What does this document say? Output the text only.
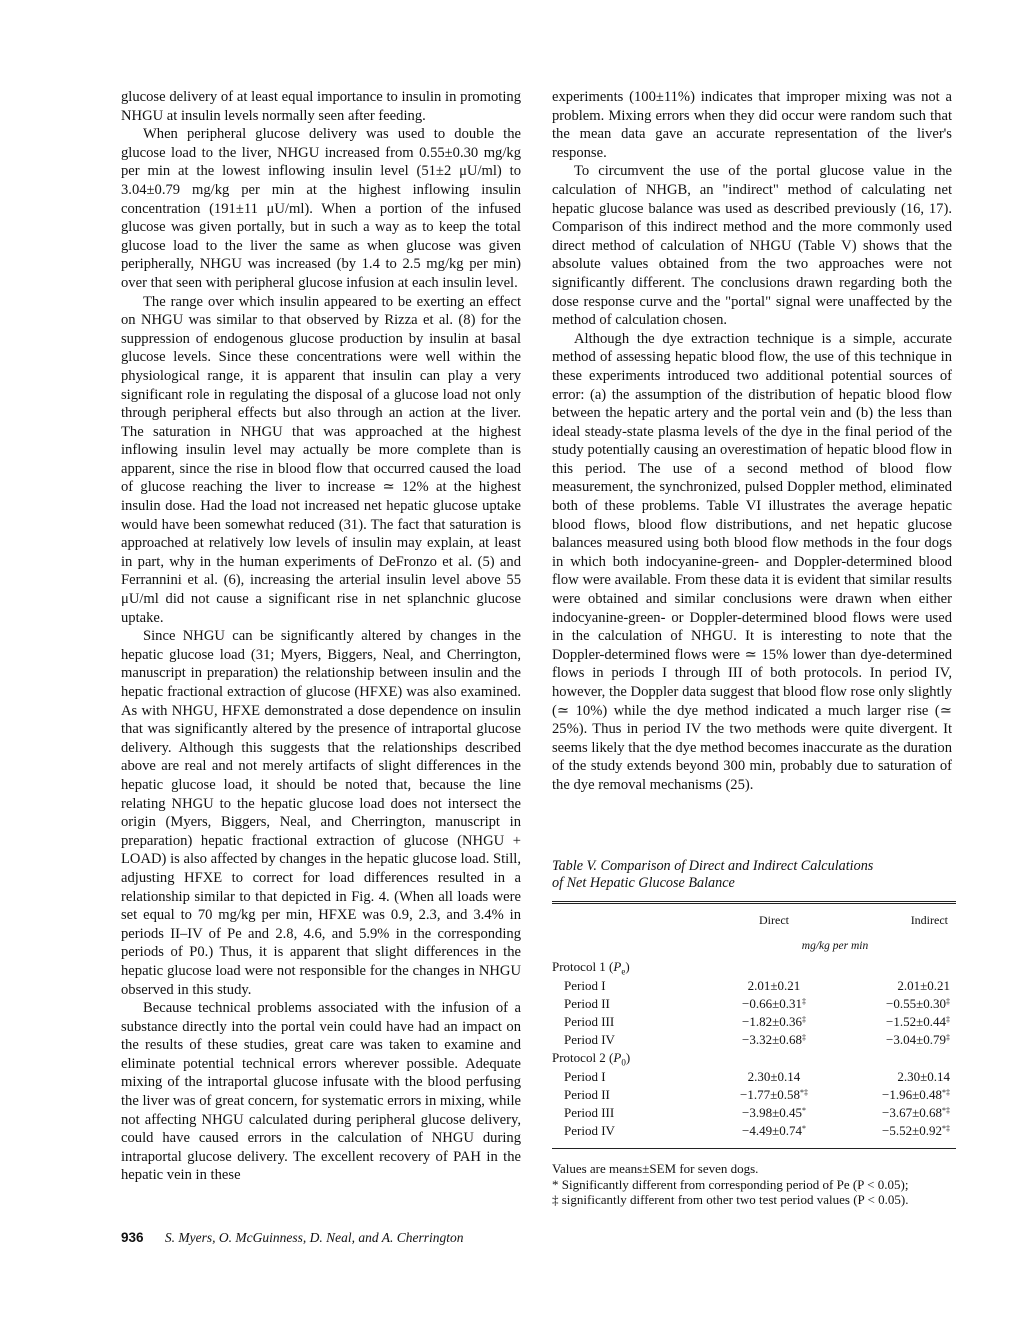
glucose delivery of at least equal importance to insulin in promoting NHGU at insulin levels normally seen after feeding.

When peripheral glucose delivery was used to double the glucose load to the liver, NHGU increased from 0.55±0.30 mg/kg per min at the lowest inflowing insulin level (51±2 μU/ml) to 3.04±0.79 mg/kg per min at the highest inflowing insulin concentration (191±11 μU/ml). When a portion of the infused glucose was given portally, but in such a way as to keep the total glucose load to the liver the same as when glucose was given peripherally, NHGU was increased (by 1.4 to 2.5 mg/kg per min) over that seen with peripheral glucose infusion at each insulin level.

The range over which insulin appeared to be exerting an effect on NHGU was similar to that observed by Rizza et al. (8) for the suppression of endogenous glucose production by insulin at basal glucose levels. Since these concentrations were well within the physiological range, it is apparent that insulin can play a very significant role in regulating the disposal of a glucose load not only through peripheral effects but also through an action at the liver. The saturation in NHGU that was approached at the highest inflowing insulin level may actually be more complete than is apparent, since the rise in blood flow that occurred caused the load of glucose reaching the liver to increase ≃ 12% at the highest insulin dose. Had the load not increased net hepatic glucose uptake would have been somewhat reduced (31). The fact that saturation is approached at relatively low levels of insulin may explain, at least in part, why in the human experiments of DeFronzo et al. (5) and Ferrannini et al. (6), increasing the arterial insulin level above 55 μU/ml did not cause a significant rise in net splanchnic glucose uptake.

Since NHGU can be significantly altered by changes in the hepatic glucose load (31; Myers, Biggers, Neal, and Cherrington, manuscript in preparation) the relationship between insulin and the hepatic fractional extraction of glucose (HFXE) was also examined. As with NHGU, HFXE demonstrated a dose dependence on insulin that was significantly altered by the presence of intraportal glucose delivery. Although this suggests that the relationships described above are real and not merely artifacts of slight differences in the hepatic glucose load, it should be noted that, because the line relating NHGU to the hepatic glucose load does not intersect the origin (Myers, Biggers, Neal, and Cherrington, manuscript in preparation) hepatic fractional extraction of glucose (NHGU + LOAD) is also affected by changes in the hepatic glucose load. Still, adjusting HFXE to correct for load differences resulted in a relationship similar to that depicted in Fig. 4. (When all loads were set equal to 70 mg/kg per min, HFXE was 0.9, 2.3, and 3.4% in periods II–IV of Pe and 2.8, 4.6, and 5.9% in the corresponding periods of P0.) Thus, it is apparent that slight differences in the hepatic glucose load were not responsible for the changes in NHGU observed in this study.

Because technical problems associated with the infusion of a substance directly into the portal vein could have had an impact on the results of these studies, great care was taken to examine and eliminate potential technical errors wherever possible. Adequate mixing of the intraportal glucose infusate with the blood perfusing the liver was of great concern, for systematic errors in mixing, while not affecting NHGU calculated during peripheral glucose delivery, could have caused errors in the calculation of NHGU during intraportal glucose delivery. The excellent recovery of PAH in the hepatic vein in these

experiments (100±11%) indicates that improper mixing was not a problem. Mixing errors when they did occur were random such that the mean data gave an accurate representation of the liver's response.

To circumvent the use of the portal glucose value in the calculation of NHGB, an "indirect" method of calculating net hepatic glucose balance was used as described previously (16, 17). Comparison of this indirect method and the more commonly used direct method of calculation of NHGU (Table V) shows that the absolute values obtained from the two approaches were not significantly different. The conclusions drawn regarding both the dose response curve and the "portal" signal were unaffected by the method of calculation chosen.

Although the dye extraction technique is a simple, accurate method of assessing hepatic blood flow, the use of this technique in these experiments introduced two additional potential sources of error: (a) the assumption of the distribution of hepatic blood flow between the hepatic artery and the portal vein and (b) the less than ideal steady-state plasma levels of the dye in the final period of the study potentially causing an overestimation of hepatic blood flow in this period. The use of a second method of blood flow measurement, the synchronized, pulsed Doppler method, eliminated both of these problems. Table VI illustrates the average hepatic blood flows, blood flow distributions, and net hepatic glucose balances measured using both blood flow methods in the four dogs in which both indocyanine-green- and Doppler-determined blood flow were available. From these data it is evident that similar results were obtained and similar conclusions were drawn when either indocyanine-green- or Doppler-determined blood flows were used in the calculation of NHGU. It is interesting to note that the Doppler-determined flows were ≃ 15% lower than dye-determined flows in periods I through III of both protocols. In period IV, however, the Doppler data suggest that blood flow rose only slightly (≃ 10%) while the dye method indicated a much larger rise (≃ 25%). Thus in period IV the two methods were quite divergent. It seems likely that the dye method becomes inaccurate as the duration of the study extends beyond 300 min, probably due to saturation of the dye removal mechanisms (25).

Table V. Comparison of Direct and Indirect Calculations
of Net Hepatic Glucose Balance
	Direct	Indirect
	mg/kg per min	
Protocol 1 $(P_e)$		
Period I	2.01±0.21	2.01±0.21
Period II	−0.66±0.31‡	−0.55±0.30‡
Period III	−1.82±0.36‡	−1.52±0.44‡
Period IV	−3.32±0.68‡	−3.04±0.79‡
Protocol 2 $(P_0)$		
Period I	2.30±0.14	2.30±0.14
Period II	−1.77±0.58*‡	−1.96±0.48*‡
Period III	−3.98±0.45*	−3.67±0.68*‡
Period IV	−4.49±0.74*	−5.52±0.92*‡
Values are means±SEM for seven dogs.
* Significantly different from corresponding period of Pe (P < 0.05);
‡ significantly different from other two test period values (P < 0.05).
936 S. Myers, O. McGuinness, D. Neal, and A. Cherrington
